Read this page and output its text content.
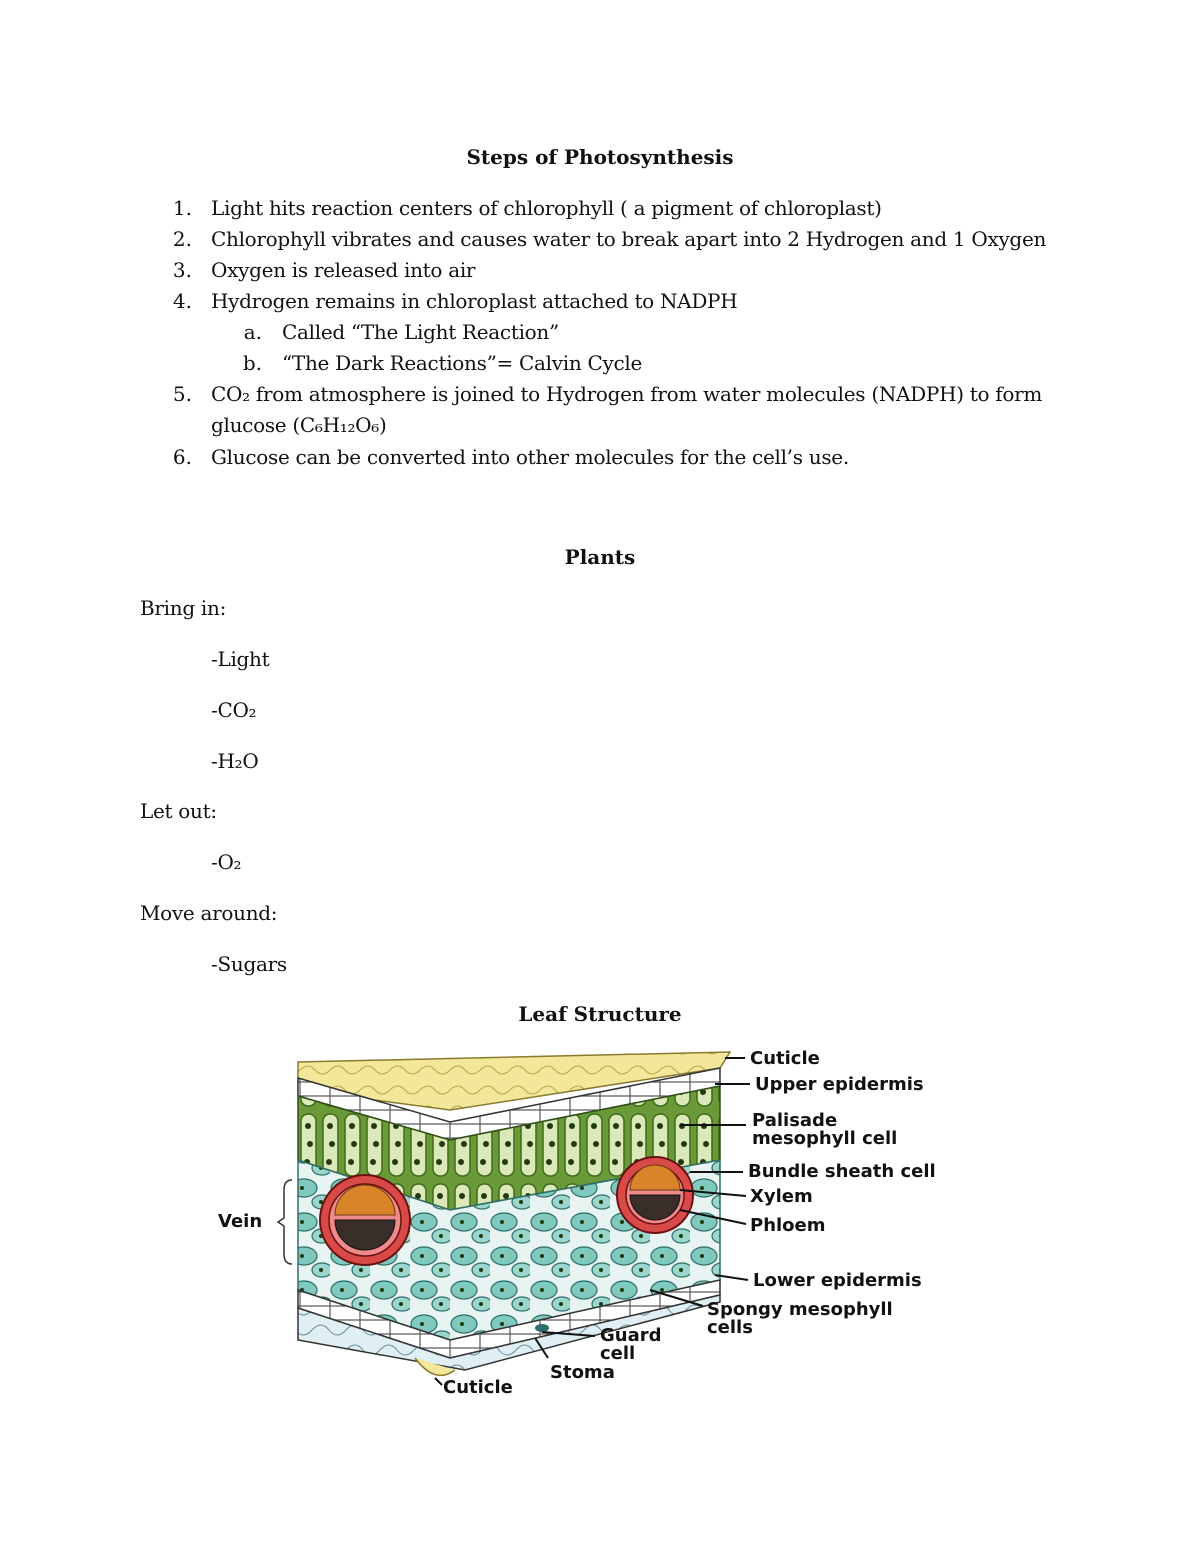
Steps of Photosynthesis
1. Light hits reaction centers of chlorophyll ( a pigment of chloroplast)
2. Chlorophyll vibrates and causes water to break apart into 2 Hydrogen and 1 Oxygen
3. Oxygen is released into air
4. Hydrogen remains in chloroplast attached to NADPH
a. Called “The Light Reaction”
b. “The Dark Reactions”= Calvin Cycle
5. CO₂ from atmosphere is joined to Hydrogen from water molecules (NADPH) to form
glucose (C₆H₁₂O₆)
6. Glucose can be converted into other molecules for the cell’s use.
Plants
Bring in:
-Light
-CO₂
-H₂O
Let out:
-O₂
Move around:
-Sugars
Leaf Structure
Cuticle
Upper epidermis
Palisade
mesophyll cell
Bundle sheath cell
Xylem
Phloem
Vein
Lower epidermis
Spongy mesophyll
cells
Guard
cell
Stoma
Cuticle
